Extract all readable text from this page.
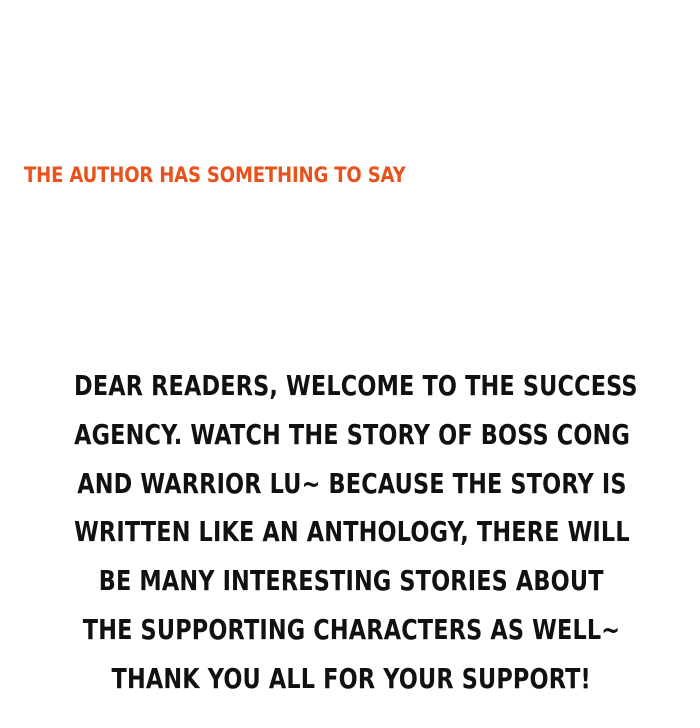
THE AUTHOR HAS SOMETHING TO SAY
DEAR READERS, WELCOME TO THE SUCCESS
AGENCY. WATCH THE STORY OF BOSS CONG
AND WARRIOR LU~ BECAUSE THE STORY IS
WRITTEN LIKE AN ANTHOLOGY, THERE WILL
BE MANY INTERESTING STORIES ABOUT
THE SUPPORTING CHARACTERS AS WELL~
THANK YOU ALL FOR YOUR SUPPORT!
